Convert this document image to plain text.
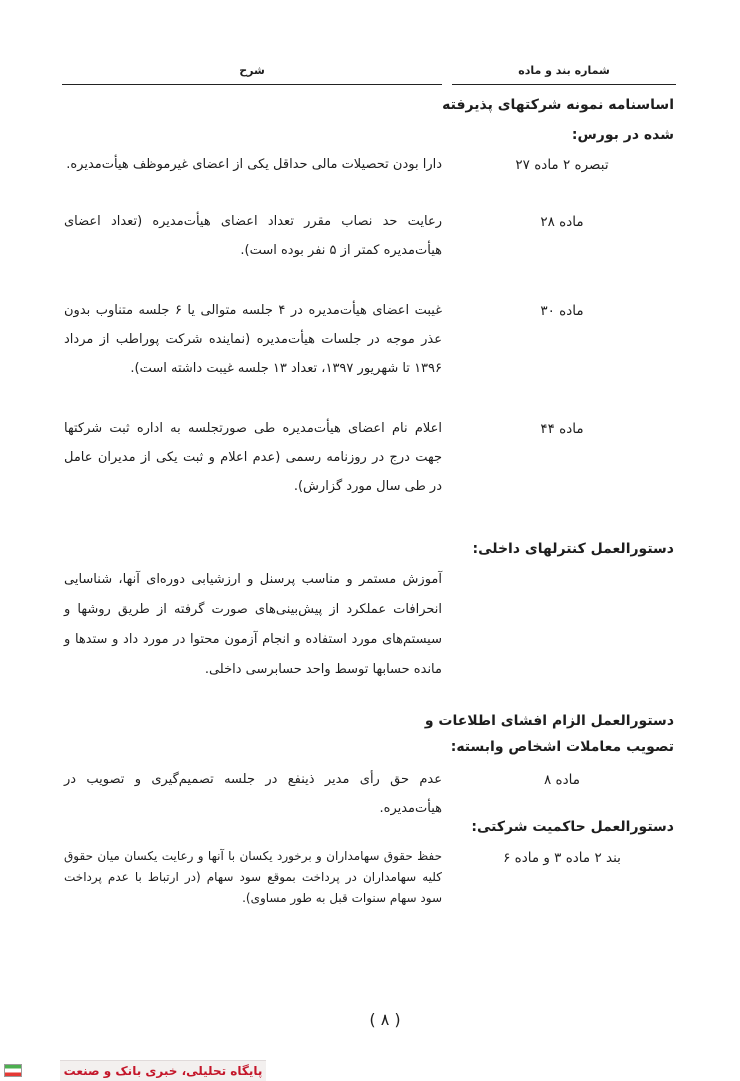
شماره بند و ماده
شرح
اساسنامه نمونه شرکتهای پذیرفته
شده در بورس:
تبصره ۲ ماده ۲۷
دارا بودن تحصیلات مالی حداقل یکی از اعضای غیرموظف هیأت‌مدیره.
ماده ۲۸
رعایت حد نصاب مقرر تعداد اعضای هیأت‌مدیره (تعداد اعضای هیأت‌مدیره کمتر از ۵ نفر بوده است).
ماده ۳۰
غیبت اعضای هیأت‌مدیره در ۴ جلسه متوالی یا ۶ جلسه متناوب بدون عذر موجه در جلسات هیأت‌مدیره (نماینده شرکت پوراطب از مرداد ۱۳۹۶ تا شهریور ۱۳۹۷، تعداد ۱۳ جلسه غیبت داشته است).
ماده ۴۴
اعلام نام اعضای هیأت‌مدیره طی صورتجلسه به اداره ثبت شرکتها جهت درج در روزنامه رسمی (عدم اعلام و ثبت یکی از مدیران عامل در طی سال مورد گزارش).
دستورالعمل کنترلهای داخلی:
آموزش مستمر و مناسب پرسنل و ارزشیابی دوره‌ای آنها، شناسایی انحرافات عملکرد از پیش‌بینی‌های صورت گرفته از طریق روشها و سیستم‌های مورد استفاده و انجام آزمون محتوا در مورد داد و ستدها و مانده حسابها توسط واحد حسابرسی داخلی.
دستورالعمل الزام افشای اطلاعات و
تصویب معاملات اشخاص وابسته:
ماده ۸
عدم حق رأی مدیر ذینفع در جلسه تصمیم‌گیری و تصویب در هیأت‌مدیره.
دستورالعمل حاکمیت شرکتی:
بند ۲ ماده ۳ و ماده ۶
حفظ حقوق سهامداران و برخورد یکسان با آنها و رعایت یکسان میان حقوق کلیه سهامداران در پرداخت بموقع سود سهام (در ارتباط با عدم پرداخت سود سهام سنوات قبل به طور مساوی).
( ۸ )
پایگاه تحلیلی، خبری بانک و صنعت
